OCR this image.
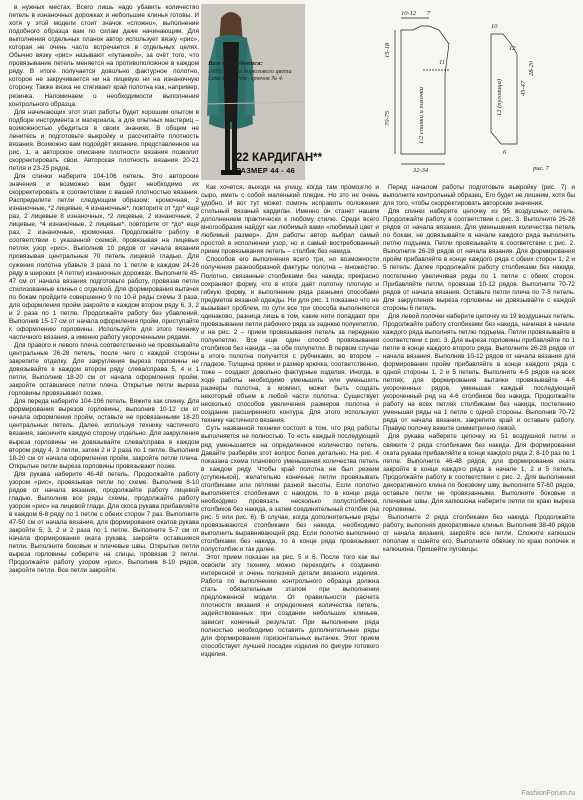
в нужных местах. Всего лишь надо убавить количество петель в изнаночных дорожках и небольшие клинья готовы. И хотя у этой модели стоит значок «сложно», выполнение подобного образца вам по силам даже начинающим. Для выполнения отдельных планок автор использует вязку «рис», которая не очень часто встречается в отдельных целях. Обычно вязку «рис» называют «путанкой», за счёт того, что провязывание петель меняется на противоположное в каждом ряду. В итоге получается довольно фактурное полотно, которое не закручивается ни на лицевую ни на изнаночную сторону. Также вязка не стягивает край полотна как, например, резинка. Напоминаем о необходимости выполнения контрольного образца.

Для начинающих этот этап работы будет хорошим опытом в подборе инструмента и материала, а для опытных мастериц – возможностью убедиться в своих знаниях. В общем не ленитесь и подготовьте выкройку и рассчитайте плотность вязания. Возможно вам подойдёт вязание, представленное на рис. 1, а авторское описание плотности вязания позволит скорректировать свои. Авторская плотность вязания 20-21 петля и 23-25 рядов.

Для спинки наберите 104-106 петель. Это авторские значения и возможно вам будет необходимо их скорректировать в соответствии с вашей плотностью вязания. Распределите петли следующим образом: кромочная, 2 изнаночные, *2 лицевые, 4 изнаночные*, повторите от *до* еще раз, 2 лицевые 8 изнаночных, *2 лицевые, 2 изнаночные, 2 лицевые, *4 изнаночные, 2 лицевые*, повторите от *до* еще раз, 2 изнаночные, кромочная. Продолжайте работу в соответствии с указанной схемой, провязывая на лицевых петлях узор «рис». Выполнив 10 рядов от начала вязания провязывая центральные 70 петель лицевой гладью. Для сужения полотна убавьте 3 раза по 1 петле в каждом 24-26 ряду в широких (4 петли) изнаночных дорожках. Выполните 45-47 см от начала вязания подготовьте работу, провязав петли стилизованные клинья с отделкой. Для формирования вытачек по бокам пройдите совершенно 9 по 10-й ряды схемы 3 раза, для оформления пройм закройте в каждом втором ряду 6, 3, 2 и 2 раза по 1 петле. Продолжайте работу без убавлений. Выполнив 15-17 см от начала оформления пройм, приступайте к оформлению горловины. Используйте для этого технику частичного вязания, а именно работу укороченными рядами.

Для правого и левого плеча соответственно не провязывайте центральные 26-28 петель, после чего с каждой стороны закрепите отделку. Для закругления выреза горловины не довязывайте в каждом втором ряду слева/справа 5, 4 и 1 петли. Выполнив 18-20 см от начала оформления пройм, закройте оставшиеся петли плеча. Открытые петли выреза горловины провязывают позже.

Для переда наберите 104-106 петель. Вяжите как спинку. Для формирования вырезов горловины, выполнив 10-12 см от начала оформления пройм, оставьте не провязанными 18-20 центральных петель. Далее, используя технику частичного вязания, закончите каждую сторону отдельно. Для закругления выреза горловины не довязывайте слева/справа в каждом втором ряду 4, 3 петли, затем 2 и 2 раза по 1 петле. Выполнив 18-20 см от начала оформления пройм, закройте петли плеча. Открытые петли выреза горловины провязывают позже.

Для рукава наберите 46-48 петель. Продолжайте работу узором «рис», провязывая петли по схеме. Выполнив 8-10 рядов от начала вязания, продолжайте работу лицевой гладью. Выполнив все ряды схемы, продолжайте работу узором «рис» на лицевой глади. Для скоса рукава прибавляйте в каждом 6-8 ряду по 1 петле с обеих сторон 7 раз. Выполните 47-50 см от начала вязания, для формирования окатов рукава закройте 5, 3, 2 и 2 раза по 1 петле. Выполните 5-7 см от начала формирования оката рукава, закройте оставшиеся петли. Выполните боковые и плечевые швы. Открытые петли выреза горловины соберите на спицы, провязав 2 петли. Продолжайте работу узором «рис». Выполнив 8-10 рядов, закройте петли. Все петли закройте.

Вам потребуется:
1000г пряжи бирюзового цвета Lana Gold Fine, крючок № 4.
22 КАРДИГАН**
РАЗМЕР 44 - 46
10-12 7
15-18
45-47
12 (пуговица)
28-20
12
10
70-75	1/2 спинки и полочки
11
32-34
6
рис. 7

Как хочется, выходя на улицу, когда там промозгло и сыро, иметь с собой маленький пледик. Но это не очень удобно. И вот тут может помочь исправить положение стильный вязаный кардиган. Именно он станет нашим дополнением практически к любому стилю. Среди всего многообразия найдут как любимый вами «любимый цвет и любимый размер». Для работы автор выбрал самый простой в исполнении узор, но и самый востребованный прием провязывания петель – столбик без накида.

Способов его выполнения всего три, но возможности получения разнообразной фактуры полотна – множество. Полотно, связанные столбиками без накида, прекрасно сохраняют форму, что в итоге даёт полотну плотную и гибкую форму, и выполнение ряда разными способами предметов вязаной одежды. Ни для рис. 1 показано что не вызывает проблем, по сути все три способа выполняются одинаково, разница лишь в том, какие нити попадают при провязывании петли рабочего ряда за заднюю полуепетлю, и на рис. 2 – прием провязывания петель за переднюю полуепетлю. Все еще один способ провязывания столбиков без накида – за обе полупетли. В первом случае в итоге полотна получится с рубчиками, во втором – гладкое. Толщина пряжи и размер крючка, соответственно, тоже – создают довольно фактурные изделия. Иногда, в ходе работы необходимо уменьшить или уменьшить размеры полотна, в момент, может быть создать некоторый объем в любой части полотна. Существует несколько способов увеличения размеров полотна и создание расширенного контура. Для этого используют технику частичного вязания.

Суть названной техники состоит в том, что ряд работы выполняется не полностью. То есть каждый последующий ряд уменьшается на определенное количество петель. Давайте разберём этот вопрос более детально. На рис. 4 показана схема планового уменьшения количества петель в каждом ряду. Чтобы край полотна не был резким (ступенькой), желательно конечные петли провязывать столбиками или петлями разной высоты. Если полотно выполняется столбиками с накидом, то в конце ряда необходимо провязать несколько полустолбиков, столбиков без накида, а затем соединительный столбик (на рис. 5 или рис. 6). В случае, когда дополнительные ряды провязываются столбиками без накида, необходимо выполнить выравнивающий ряд. Если полотно выполнено столбиками без накида, то в конце ряда провязывают полустолбик и так далее.

Этот прием показан на рис. 5 и 6. После того как вы освоили эту технику, можно переходить к созданию интересной и очень полезной детали вязаного изделия. Работа по выполнению контрольного образца должна стать обязательным этапом при выполнении предложенной модели. От правильности расчета плотности вязания и определения количества петель, задействованных при создании небольших клиньев, зависит конечный результат. При выполнении ряда полностью необходимо оставить дополнительные ряды для формирования горизонтальных вытачек. Этот прием способствует лучшей посадке изделия по фигуре готового изделия.

Перед началом работы подготовьте выкройку (рис. 7) и выполните контрольный образец. Его будет не лишним, хотя бы для того, чтобы скорректировать авторские значения.

Для спинки наберите цепочку из 95 воздушных петель. Продолжайте работу в соответствии с рис. 3. Выполните 26-28 рядов от начала вязания. Для уменьшения количества петель по бокам, не довязывайте в начале каждого ряда выполнять петлю подъема. Петли провязывайте в соответствии с рис. 2. Выполните 26-28 рядов от начала вязания. Для формирования пройм прибавляйте в конце каждого ряда с обеих сторон 1, 2 и 5 петель. Далее продолжайте работу столбиками без накида, постепенно увеличивая ряды по 1 петле с обеих сторон. Прибавляйте петли, провязав 10-12 рядов. Выполните 70-72 рядов от начала вязания. Оставьте петли плеча по 7-8 петель. Для закругления выреза горловины не довязывайте с каждой стороны 6 петель.

Для левой полочки наберите цепочку из 19 воздушных петель. Продолжайте работу столбиками без накида, начиная в начале каждого ряда выполнять петлю подъема. Петли провязывайте в соответствии с рис. 3. Для выреза горловины прибавляйте по 1 петле в конце каждого второго ряда. Выполните 26-28 рядов от начала вязания. Выполнив 10-12 рядов от начала вязания для формирования пройм прибавляйте в конце каждого ряда с одной стороны 1, 2 и 5 петель. Выполните 4-5 рядов на всех петлях, для формирования вытачки провязывайте 4-6 укороченных рядов, уменьшая каждый последующий укороченный ряд на 4-6 столбиков без накида. Продолжайте работу на всех петлях столбиками без накида, постепенно уменьшая ряды на 1 петле с одной стороны. Выполнив 70-72 ряда от начала вязания, закрепите край и оставьте работу. Правую полочку вяжите симметрично левой.

Для рукава наберите цепочку из 51 воздушной петли и свяжите 2 ряда столбиками без накида. Для формирования оката рукава прибавляйте в конце каждого ряда 2, 8-10 раз по 1 петле. Выполните 46-48 рядов, для формирования оката закройте в конце каждого ряда в начале 1, 2 и 5 петель. Продолжайте работу в соответствии с рис. 2. Для выполнения декоративного клина по боковому шву, выполните 57-60 рядов, оставьте петли не провязанными. Выполните боковые и плечевые швы. Для капюшона наберите петли по краю выреза горловины.

Выполните 2 ряда столбиками без накида. Продолжайте работу, выполняя декоративные клинья. Выполнив 38-40 рядов от начала вязания, закройте все петли. Сложите капюшон пополам и сшейте его. Выполните обвязку по краю полочек и капюшона. Пришейте пуговицы.

FashionForum.ru
